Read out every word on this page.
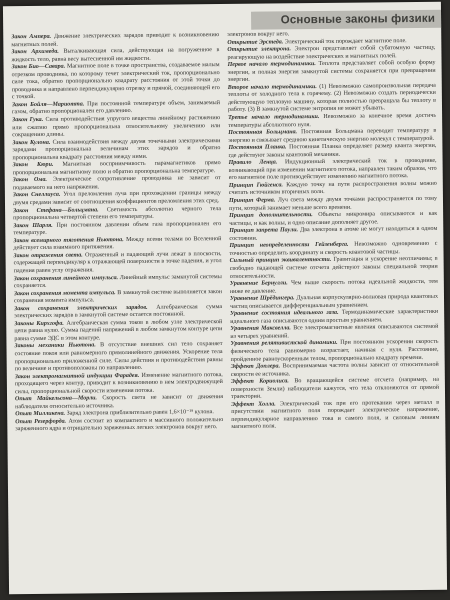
Основные законы физики

Закон Ампера. Движение электрических зарядов приводит к возникновению магнитных полей.

Закон Архимеда. Выталкивающая сила, действующая на погруженное в жидкость тело, равна весу вытесненной им жидкости.

Закон Био—Савара. Магнитное поле в точке пространства, создаваемое малым отрезком проводника, по которому течет электрический ток, пропорционально силе тока, обратно пропорционально квадрату расстояния от этой точки до проводника и направлено перпендикулярно отрезку и прямой, соединяющей его с точкой.

Закон Бойля—Мариотта. При постоянной температуре объем, занимаемый газом, обратно пропорционален его давлению.

Закон Гука. Сила противодействия упругого вещества линейному растяжению или сжатию прямо пропорциональна относительному увеличению или сокращению длины.

Закон Кулона. Сила взаимодействия между двумя точечными электрическими зарядами пропорциональна величинам этих зарядов и обратно пропорциональна квадрату расстояния между ними.

Закон Кюри. Магнитная восприимчивость парамагнетиков прямо пропорциональна магнитному полю и обратно пропорциональна температуре.

Закон Ома. Электрическое сопротивление проводника не зависит от подаваемого на него напряжения.

Закон Снеллиуса. Угол преломления луча при прохождении границы между двумя средами зависит от соотношения коэффициентов преломления этих сред.

Закон Стефана—Больцмана. Светимость абсолютно черного тела пропорциональна четвертой степени его температуры.

Закон Шарля. При постоянном давлении объем газа пропорционален его температуре.

Закон всемирного тяготения Ньютона. Между всеми телами во Вселенной действует сила взаимного притяжения.

Закон отражения света. Отраженный и падающий лучи лежат в плоскости, содержащей перпендикуляр к отражающей поверхности в точке падения, и угол падения равен углу отражения.

Закон сохранения линейного импульса. Линейный импульс замкнутой системы сохраняется.

Закон сохранения момента импульса. В замкнутой системе выполняется закон сохранения момента импульса.

Закон сохранения электрических зарядов. Алгебраическая сумма электрических зарядов в замкнутой системе остается постоянной.

Законы Кирхгофа. Алгебраическая сумма токов в любом узле электрической цепи равна нулю. Сумма падений напряжений в любом замкнутом контуре цепи равна сумме ЭДС в этом контуре.

Законы механики Ньютона. В отсутствие внешних сил тело сохраняет состояние покоя или равномерного прямолинейного движения. Ускорение тела пропорционально приложенной силе. Силы действия и противодействия равны по величине и противоположны по направлению.

Закон электромагнитной индукции Фарадея. Изменение магнитного потока, проходящего через контур, приводит к возникновению в нем электродвижущей силы, пропорциональной скорости изменения потока.

Опыт Майкельсона—Морли. Скорость света не зависит от движения наблюдателя относительно источника.

Опыт Милликена. Заряд электрона приблизительно равен 1,6×10⁻¹⁹ кулона.

Опыт Резерфорда. Атом состоит из компактного и массивного положительно заряженного ядра и отрицательно заряженных легких электронов вокруг него.

электронов вокруг него.

Открытие Эрстеда. Электрический ток порождает магнитное поле.

Открытие электрона. Электрон представляет собой субатомную частицу, реагирующую на воздействие электрических и магнитных полей.

Первое начало термодинамики. Теплота представляет собой особую форму энергии, и полная энергия замкнутой системы сохраняется при превращении энергии.

Второе начало термодинамики. (1) Невозможно самопроизвольная передача теплоты от холодного тела к горячему. (2) Невозможно создать периодически действующую тепловую машину, которая полностью превращала бы теплоту в работу. (3) В замкнутой системе энтропия не может убывать.

Третье начало термодинамики. Невозможно за конечное время достичь температуры абсолютного нуля.

Постоянная Больцмана. Постоянная Больцмана переводит температуру в энергию и связывает среднюю кинетическую энергию молекул с температурой.

Постоянная Планка. Постоянная Планка определяет размер кванта энергии, где действуют законы квантовой механики.

Правило Ленца. Индукционный электрический ток в проводнике, возникающий при изменении магнитного потока, направлен таким образом, что его магнитное поле противодействует изменению магнитного потока.

Принцип Гюйгенса. Каждую точку на пути распространения волны можно считать источником вторичных волн.

Принцип Ферма. Луч света между двумя точками распространяется по тому пути, который занимает меньше всего времени.

Принцип дополнительности. Объекты микромира описываются и как частицы, и как волны, и одно описание дополняет другое.

Принцип запрета Паули. Два электрона в атоме не могут находиться в одном состоянии.

Принцип неопределенности Гейзенберга. Невозможно одновременно с точностью определить координату и скорость квантовой частицы.

Сильный принцип эквивалентности. Гравитация и ускорение неотличимы; в свободно падающей системе отсчета действуют законы специальной теории относительности.

Уравнение Бернулли. Чем выше скорость потока идеальной жидкости, тем ниже ее давление.

Уравнение Шрёдингера. Дуальная корпускулярно-волновая природа квантовых частиц описывается дифференциальным уравнением.

Уравнение состояния идеального газа. Термодинамические характеристики идеального газа описываются одним простым уравнением.

Уравнения Максвелла. Все электромагнитные явления описываются системой из четырех уравнений.

Уравнения релятивистской динамики. При постоянном ускорении скорость физического тела равномерно возрастает, начиная с нуля. Расстояние, пройденное равноускоренным телом, пропорционально квадрату времени.

Эффект Доплера. Воспринимаемая частота волны зависит от относительной скорости ее источника.

Эффект Кориолиса. Во вращающейся системе отсчета (например, на поверхности Земли) наблюдатели кажутся, что тела отклоняются от прямой траектории.

Эффект Холла. Электрический ток при его протекании через металл в присутствии магнитного поля порождает электрическое напряжение, перпендикулярное направлению тока и самого поля, и силовым линиям магнитного поля.
